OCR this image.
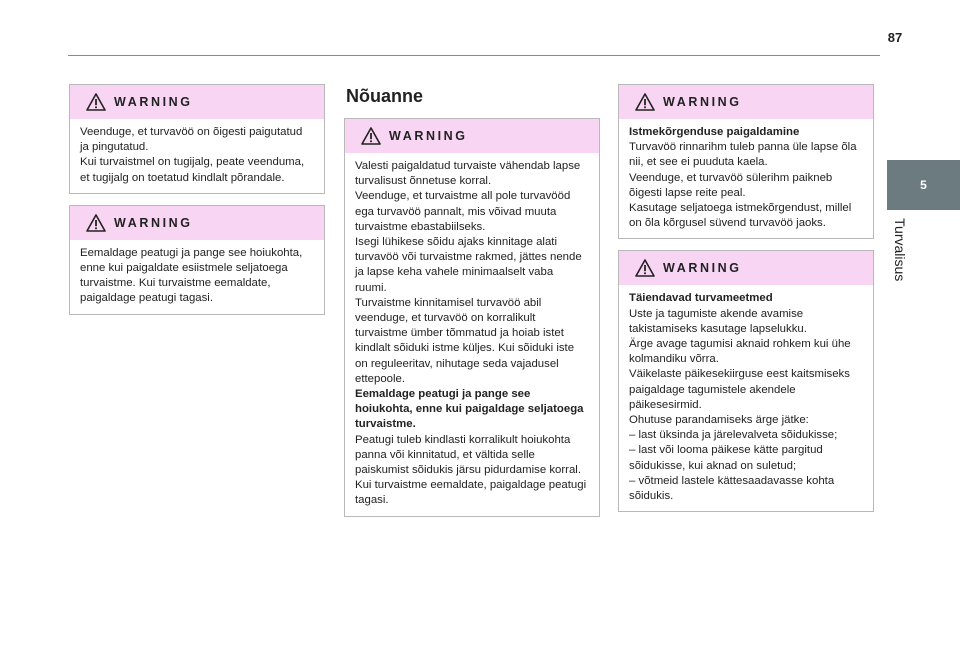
87
5
Turvalisus
WARNING

Veenduge, et turvavöö on õigesti paigutatud

ja pingutatud.

Kui turvaistmel on tugijalg, peate veenduma,

et tugijalg on toetatud kindlalt põrandale.

WARNING

Eemaldage peatugi ja pange see hoiukohta,

enne kui paigaldate esiistmele seljatoega

turvaistme. Kui turvaistme eemaldate,

paigaldage peatugi tagasi.

Nõuanne
WARNING

Valesti paigaldatud turvaiste vähendab lapse

turvalisust õnnetuse korral.

Veenduge, et turvaistme all pole turvavööd

ega turvavöö pannalt, mis võivad muuta

turvaistme ebastabiilseks.

Isegi lühikese sõidu ajaks kinnitage alati

turvavöö või turvaistme rakmed, jättes nende

ja lapse keha vahele minimaalselt vaba

ruumi.

Turvaistme kinnitamisel turvavöö abil

veenduge, et turvavöö on korralikult

turvaistme ümber tõmmatud ja hoiab istet

kindlalt sõiduki istme küljes. Kui sõiduki iste

on reguleeritav, nihutage seda vajadusel

ettepoole.

Eemaldage peatugi ja pange see

hoiukohta, enne kui paigaldage seljatoega

turvaistme.

Peatugi tuleb kindlasti korralikult hoiukohta

panna või kinnitatud, et vältida selle

paiskumist sõidukis järsu pidurdamise korral.

Kui turvaistme eemaldate, paigaldage peatugi

tagasi.

WARNING

Istmekõrgenduse paigaldamine

Turvavöö rinnarihm tuleb panna üle lapse õla

nii, et see ei puuduta kaela.

Veenduge, et turvavöö sülerihm paikneb

õigesti lapse reite peal.

Kasutage seljatoega istmekõrgendust, millel

on õla kõrgusel süvend turvavöö jaoks.

WARNING

Täiendavad turvameetmed

Uste ja tagumiste akende avamise

takistamiseks kasutage lapselukku.

Ärge avage tagumisi aknaid rohkem kui ühe

kolmandiku võrra.

Väikelaste päikesekiirguse eest kaitsmiseks

paigaldage tagumistele akendele

päikesesirmid.

Ohutuse parandamiseks ärge jätke:

– last üksinda ja järelevalveta sõidukisse;

– last või looma päikese kätte pargitud

sõidukisse, kui aknad on suletud;

– võtmeid lastele kättesaadavasse kohta

sõidukis.
